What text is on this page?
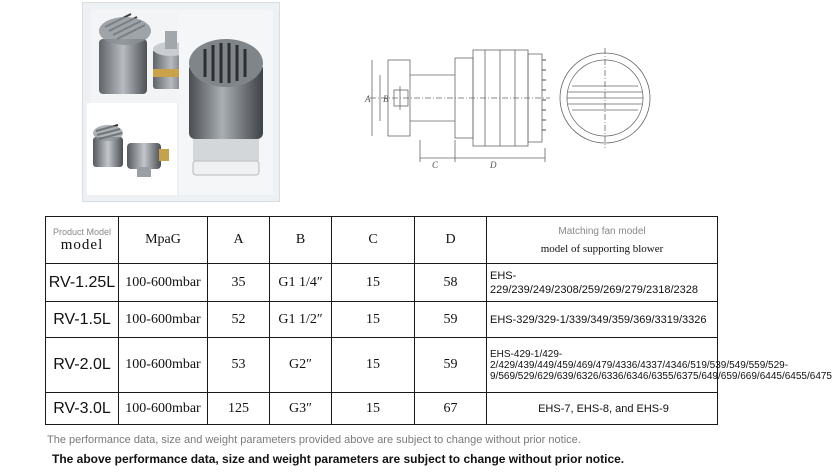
A B
C	D
Product Model
model	MpaG	A	B	C	D	Matching fan model
model of supporting blower

RV-1.25L	100-600mbar	35	G1 1/4″	15	58	EHS-229/239/249/2308/259/269/279/2318/2328
RV-1.5L	100-600mbar	52	G1 1/2″	15	59	EHS-329/329-1/339/349/359/369/3319/3326
RV-2.0L	100-600mbar	53	G2″	15	59	EHS-429-1/429-2/429/439/449/459/469/479/4336/4337/4346/519/539/549/559/529-9/569/529/629/639/6326/6336/6346/6355/6375/649/659/669/6445/6455/6475
RV-3.0L	100-600mbar	125	G3″	15	67	EHS-7, EHS-8, and EHS-9
The performance data, size and weight parameters provided above are subject to change without prior notice.
The above performance data, size and weight parameters are subject to change without prior notice.
